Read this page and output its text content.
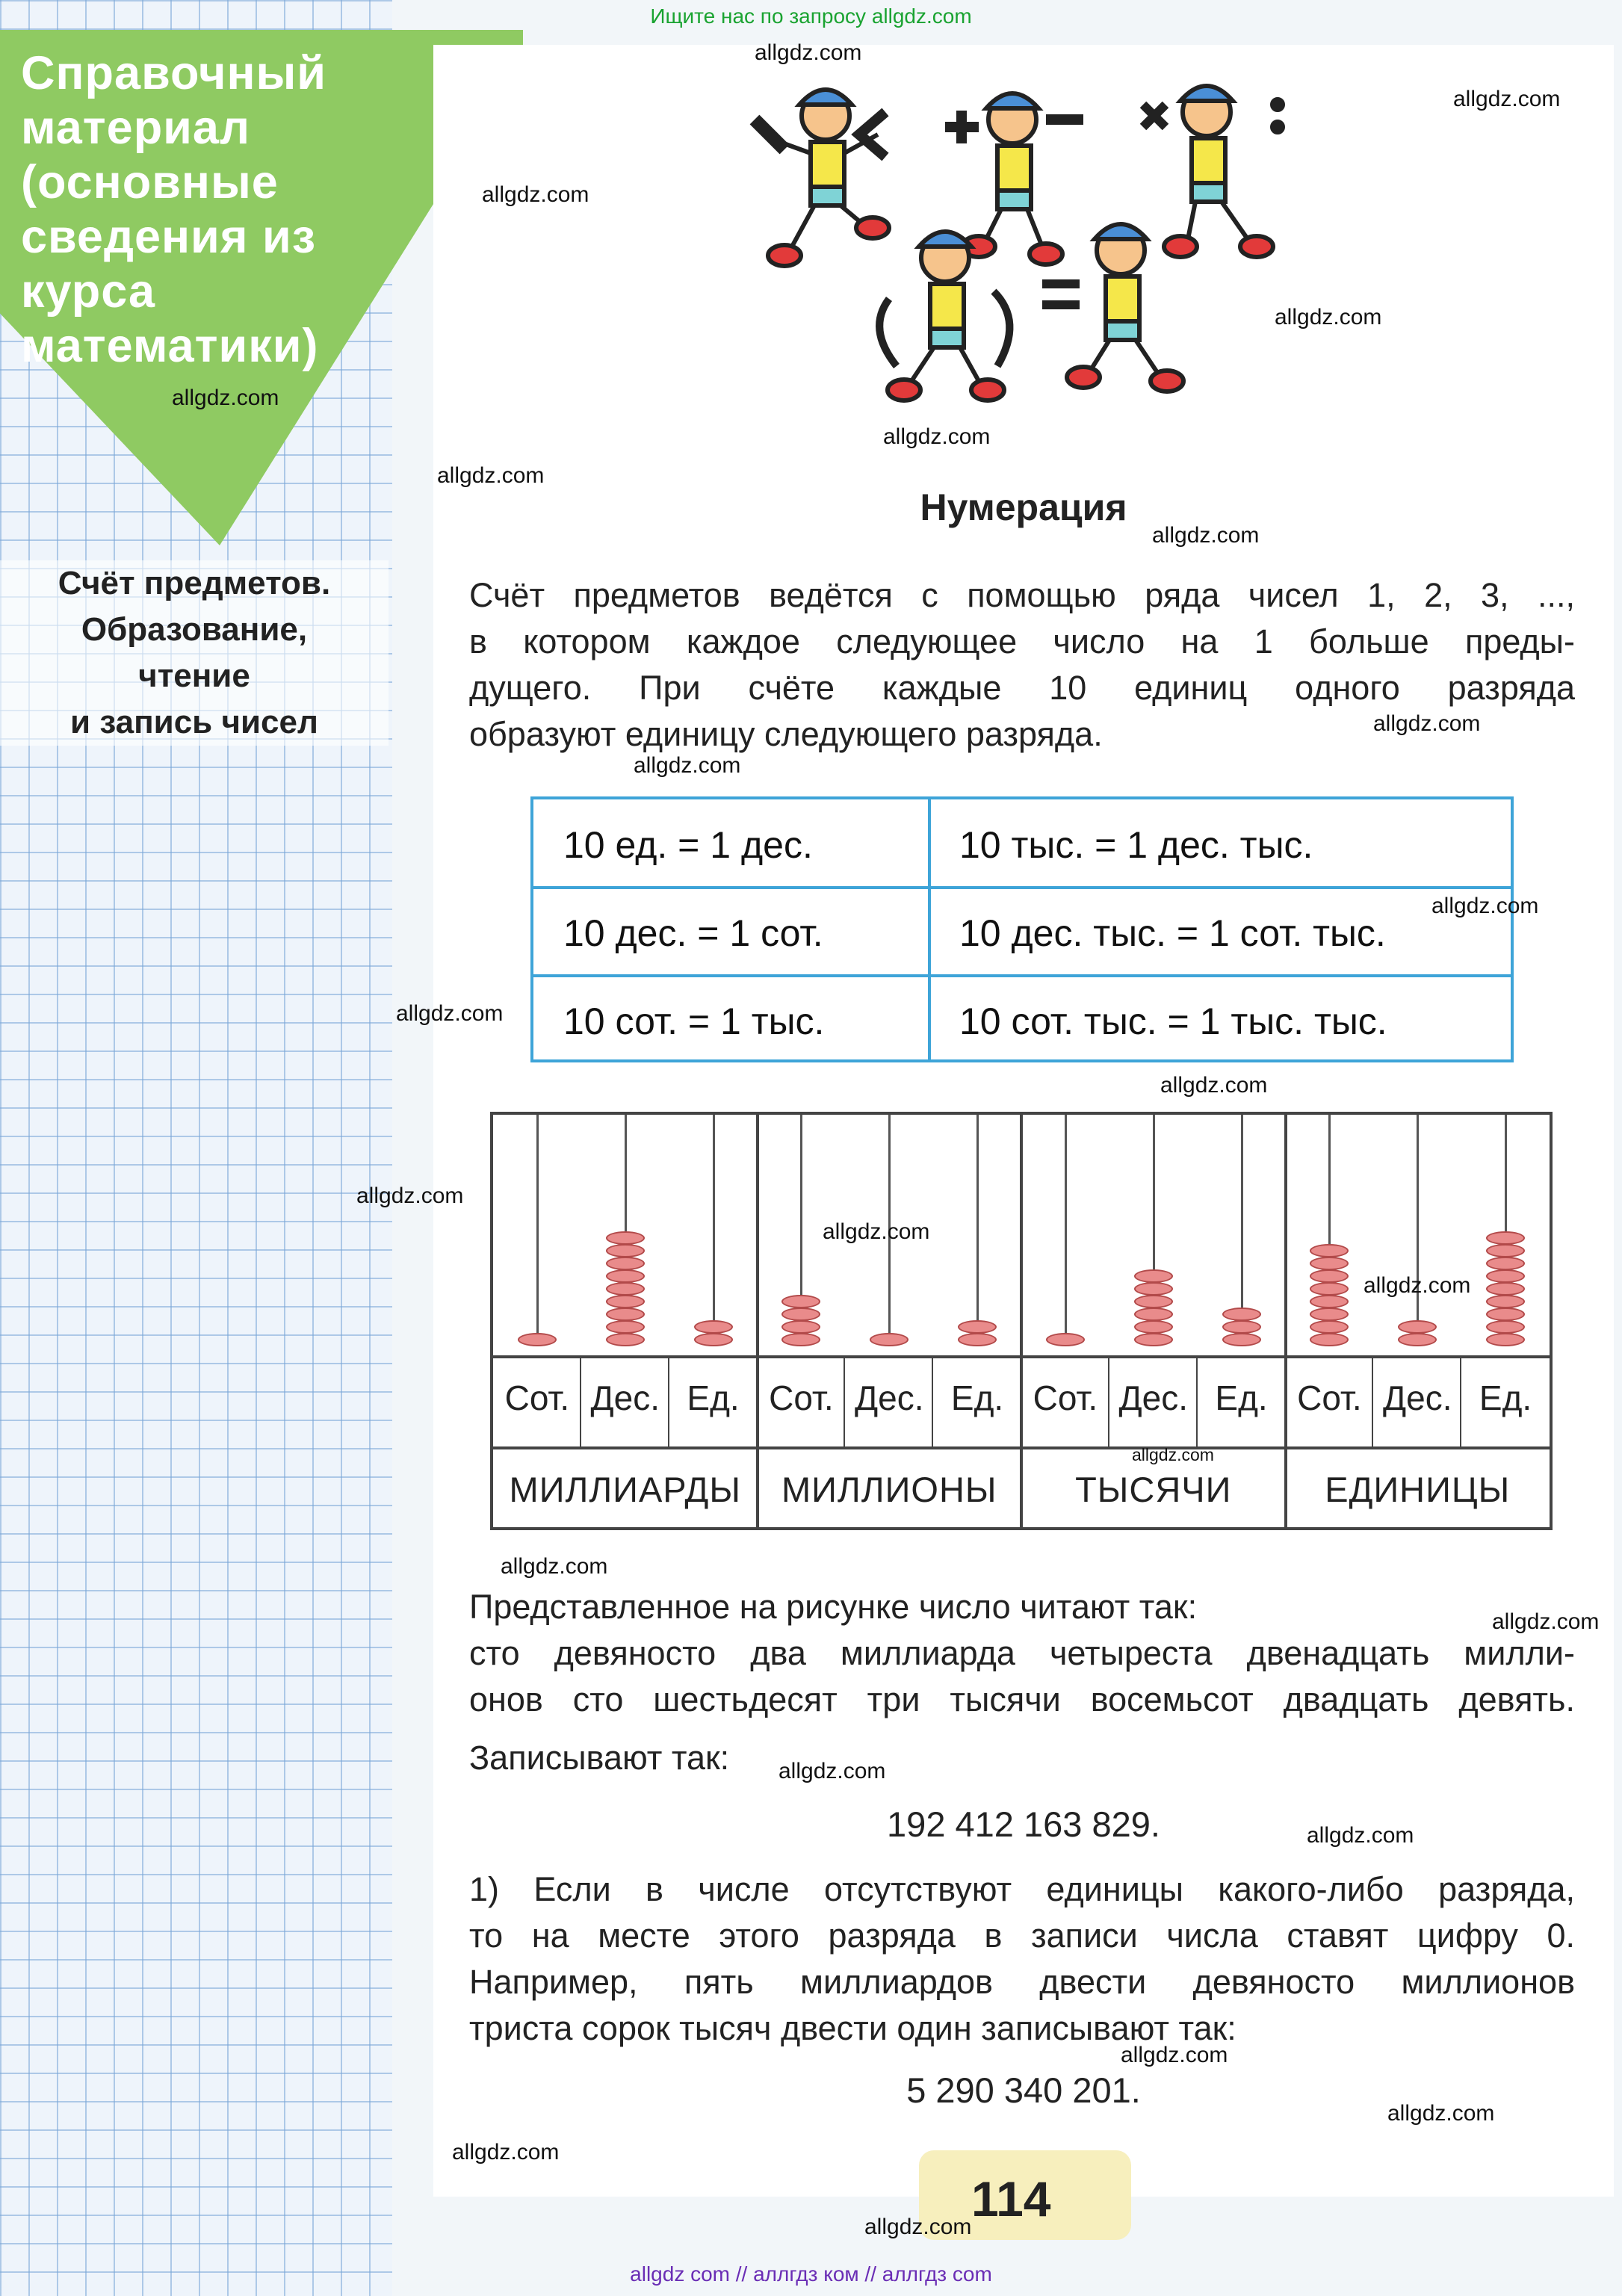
Справочный материал (основные сведения из курса математики)
Счёт предметов.
Образование,
чтение
и запись чисел
Ищите нас по запросу allgdz.com
Нумерация
Счёт предметов ведётся с помощью ряда чисел 1, 2, 3, ...,
в котором каждое следующее число на 1 больше преды-
дущего. При счёте каждые 10 единиц одного разряда
образуют единицу следующего разряда.
10 ед. = 1 дес.	10 тыс. = 1 дес. тыс.
10 дес. = 1 сот.	10 дес. тыс. = 1 сот. тыс.
10 сот. = 1 тыс.	10 сот. тыс. = 1 тыс. тыс.
Сот. Дес. Ед. Сот. Дес. Ед. Сот. Дес. Ед. Сот. Дес. Ед.
МИЛЛИАРДЫ	МИЛЛИОНЫ	ТЫСЯЧИ	ЕДИНИЦЫ
Представленное на рисунке число читают так:
сто девяносто два миллиарда четыреста двенадцать милли-
онов сто шестьдесят три тысячи восемьсот двадцать девять.
Записывают так:
192 412 163 829.
1) Если в числе отсутствуют единицы какого-либо разряда,
то на месте этого разряда в записи числа ставят цифру 0.
Например, пять миллиардов двести девяносто миллионов
триста сорок тысяч двести один записывают так:
5 290 340 201.
114
allgdz.com
allgdz.com
allgdz.com
allgdz.com
allgdz.com
allgdz.com
allgdz.com
allgdz.com
allgdz.com
allgdz.com
allgdz.com
allgdz.com
allgdz.com
allgdz.com
allgdz.com
allgdz.com
allgdz.com
allgdz.com
allgdz.com
allgdz.com
allgdz.com
allgdz.com
allgdz.com
allgdz.com
allgdz.com
allgdz com // аллгдз ком // аллгдз com
